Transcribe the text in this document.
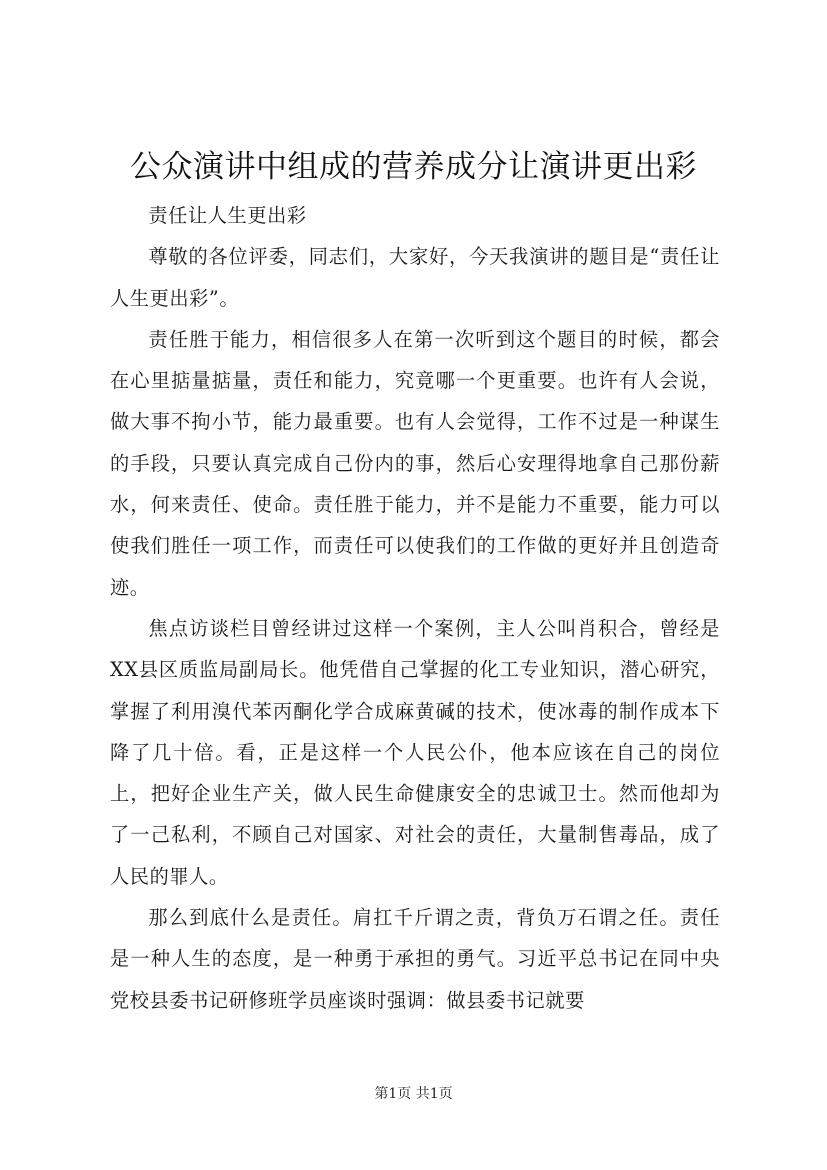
公众演讲中组成的营养成分让演讲更出彩

责任让人生更出彩

尊敬的各位评委，同志们，大家好，今天我演讲的题目是“责任让人生更出彩”。

责任胜于能力，相信很多人在第一次听到这个题目的时候，都会在心里掂量掂量，责任和能力，究竟哪一个更重要。也许有人会说，做大事不拘小节，能力最重要。也有人会觉得，工作不过是一种谋生的手段，只要认真完成自己份内的事，然后心安理得地拿自己那份薪水，何来责任、使命。责任胜于能力，并不是能力不重要，能力可以使我们胜任一项工作，而责任可以使我们的工作做的更好并且创造奇迹。

焦点访谈栏目曾经讲过这样一个案例，主人公叫肖积合，曾经是XX县区质监局副局长。他凭借自己掌握的化工专业知识，潜心研究，掌握了利用溴代苯丙酮化学合成麻黄碱的技术，使冰毒的制作成本下降了几十倍。看，正是这样一个人民公仆，他本应该在自己的岗位上，把好企业生产关，做人民生命健康安全的忠诚卫士。然而他却为了一己私利，不顾自己对国家、对社会的责任，大量制售毒品，成了人民的罪人。

那么到底什么是责任。肩扛千斤谓之责，背负万石谓之任。责任是一种人生的态度，是一种勇于承担的勇气。习近平总书记在同中央党校县委书记研修班学员座谈时强调：做县委书记就要

第1页 共1页
